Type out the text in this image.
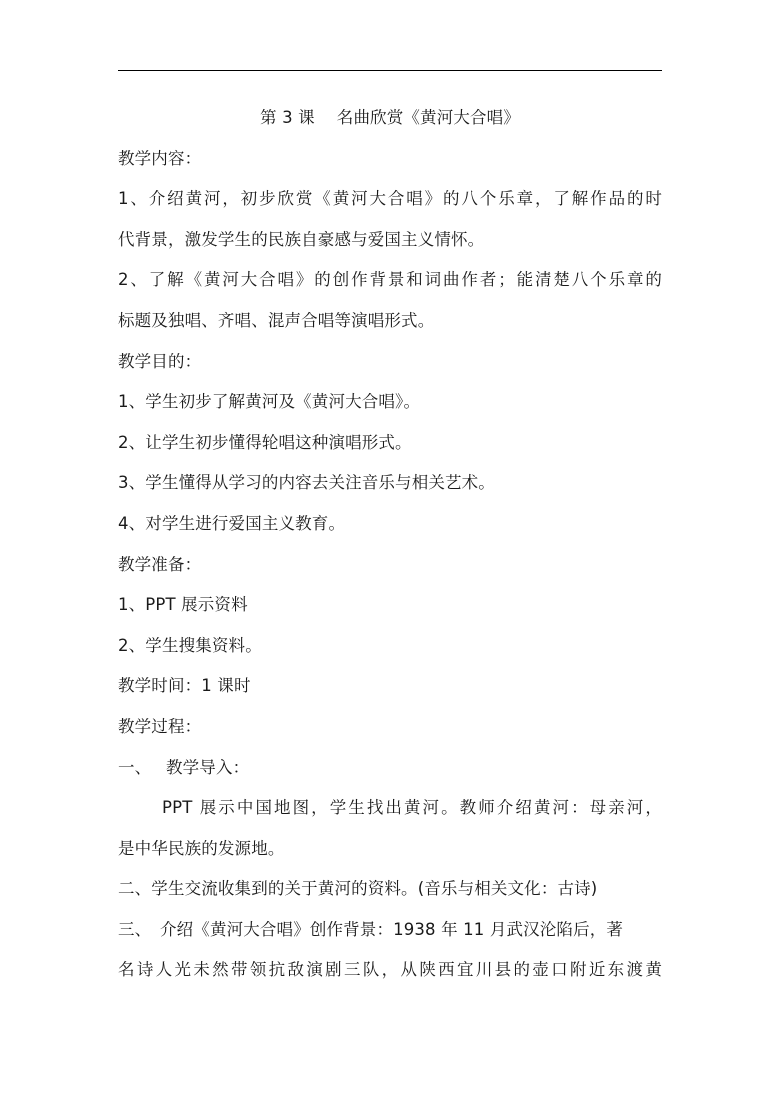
第 3 课 名曲欣赏《黄河大合唱》
教学内容：
1、介绍黄河，初步欣赏《黄河大合唱》的八个乐章，了解作品的时
代背景，激发学生的民族自豪感与爱国主义情怀。
2、了解《黄河大合唱》的创作背景和词曲作者；能清楚八个乐章的
标题及独唱、齐唱、混声合唱等演唱形式。
教学目的：
1、学生初步了解黄河及《黄河大合唱》。
2、让学生初步懂得轮唱这种演唱形式。
3、学生懂得从学习的内容去关注音乐与相关艺术。
4、对学生进行爱国主义教育。
教学准备：
1、PPT 展示资料
2、学生搜集资料。
教学时间：1 课时
教学过程：
一、 教学导入：
PPT 展示中国地图，学生找出黄河。教师介绍黄河：母亲河，
是中华民族的发源地。
二、学生交流收集到的关于黄河的资料。(音乐与相关文化：古诗)
三、 介绍《黄河大合唱》创作背景：1938 年 11 月武汉沦陷后，著
名诗人光未然带领抗敌演剧三队，从陕西宜川县的壶口附近东渡黄
